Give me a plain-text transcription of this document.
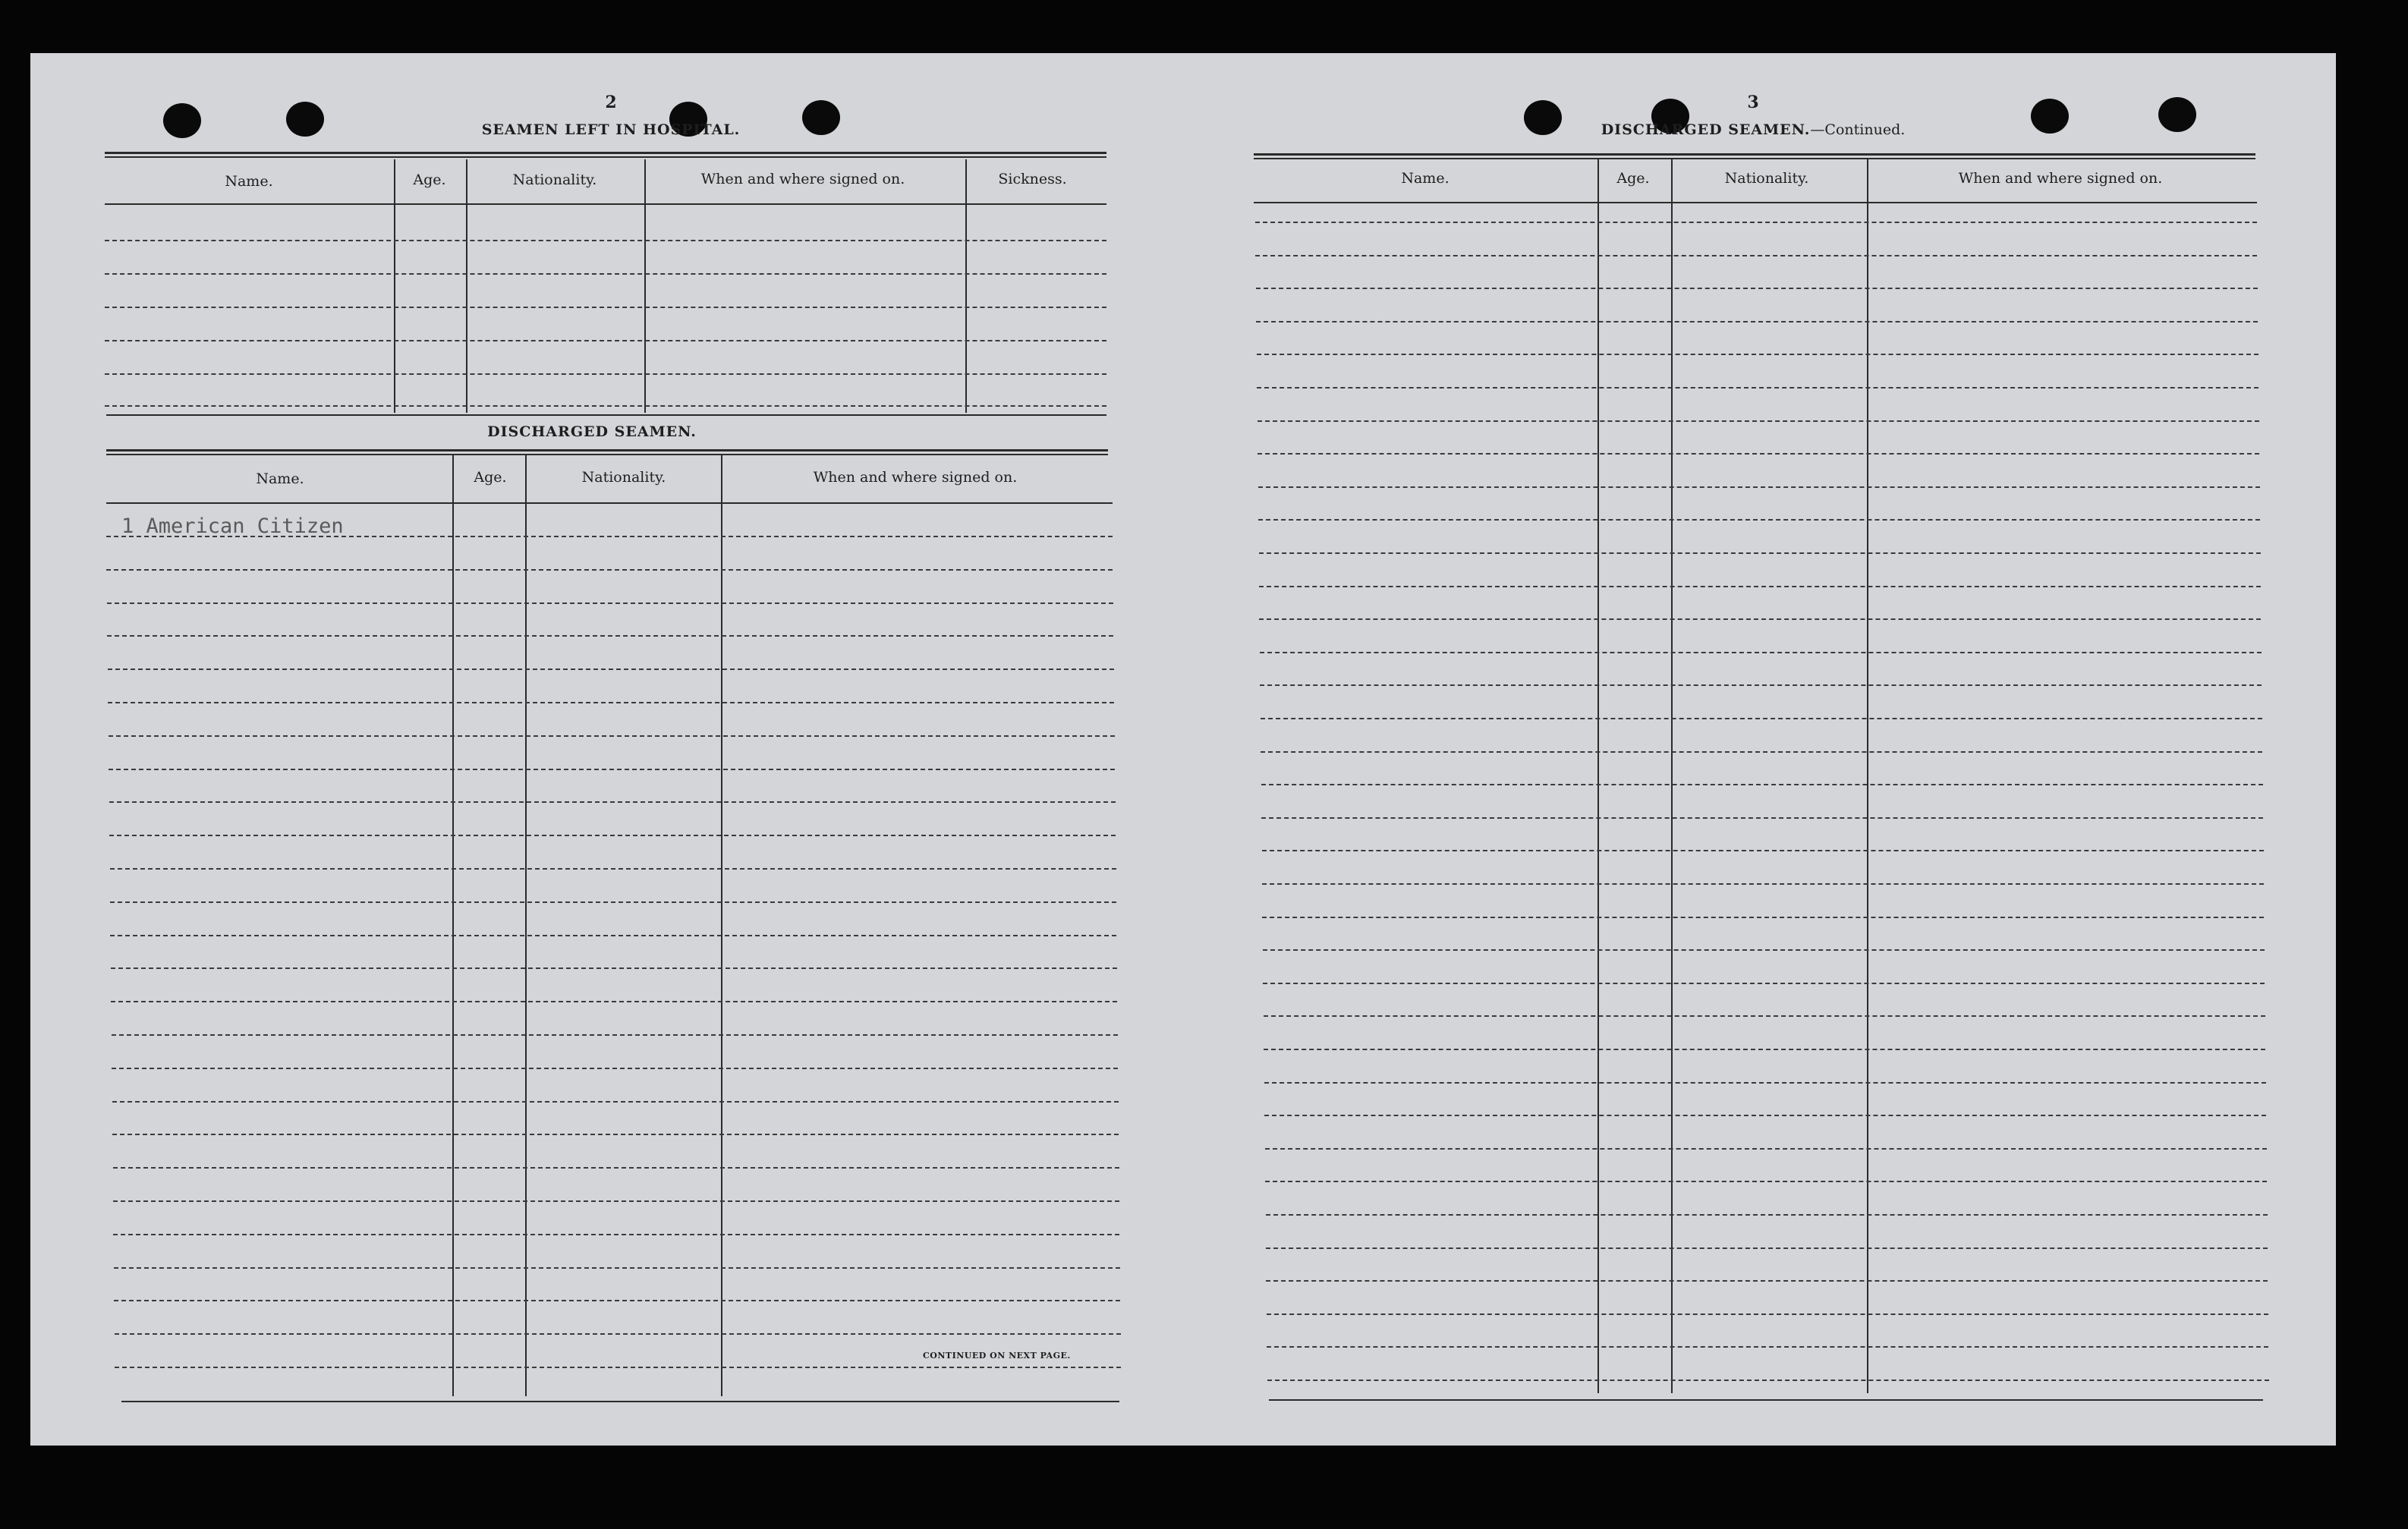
2
SEAMEN LEFT IN HOSPITAL.
Name.	Age.	Nationality.	When and where signed on.	Sickness.
DISCHARGED SEAMEN.
Name.	Age.	Nationality.	When and where signed on.
1 American Citizen
CONTINUED ON NEXT PAGE.
3
DISCHARGED SEAMEN.—Continued.
Name.	Age.	Nationality.	When and where signed on.
